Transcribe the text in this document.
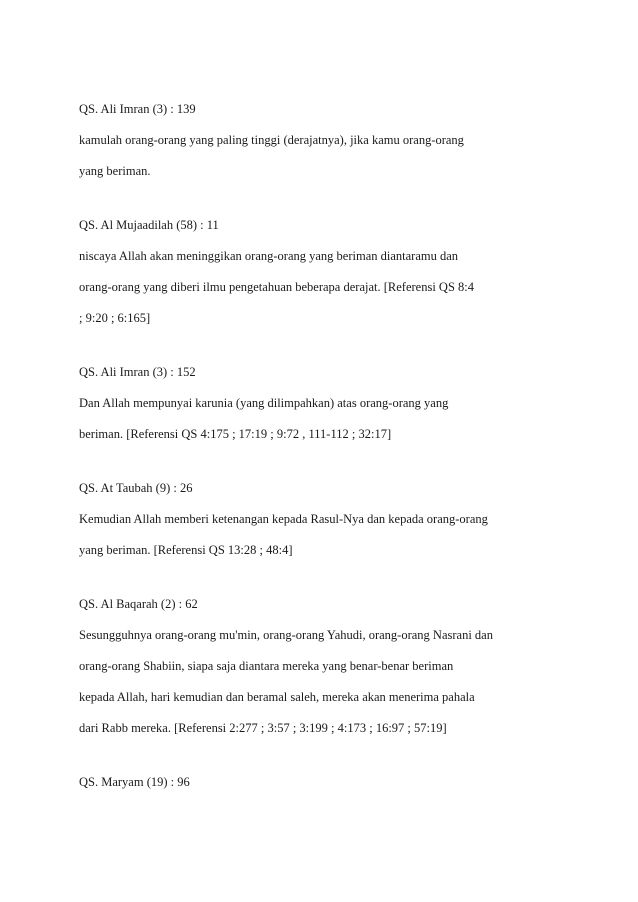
QS. Ali Imran (3) : 139
kamulah orang-orang yang paling tinggi (derajatnya), jika kamu orang-orang
yang beriman.
QS. Al Mujaadilah (58) : 11
niscaya Allah akan meninggikan orang-orang yang beriman diantaramu dan
orang-orang yang diberi ilmu pengetahuan beberapa derajat. [Referensi QS 8:4
; 9:20 ; 6:165]
QS. Ali Imran (3) : 152
Dan Allah mempunyai karunia (yang dilimpahkan) atas orang-orang yang
beriman. [Referensi QS 4:175 ; 17:19 ; 9:72 , 111-112 ; 32:17]
QS. At Taubah (9) : 26
Kemudian Allah memberi ketenangan kepada Rasul-Nya dan kepada orang-orang
yang beriman. [Referensi QS 13:28 ; 48:4]
QS. Al Baqarah (2) : 62
Sesungguhnya orang-orang mu'min, orang-orang Yahudi, orang-orang Nasrani dan
orang-orang Shabiin, siapa saja diantara mereka yang benar-benar beriman
kepada Allah, hari kemudian dan beramal saleh, mereka akan menerima pahala
dari Rabb mereka. [Referensi 2:277 ; 3:57 ; 3:199 ; 4:173 ; 16:97 ; 57:19]
QS. Maryam (19) : 96
